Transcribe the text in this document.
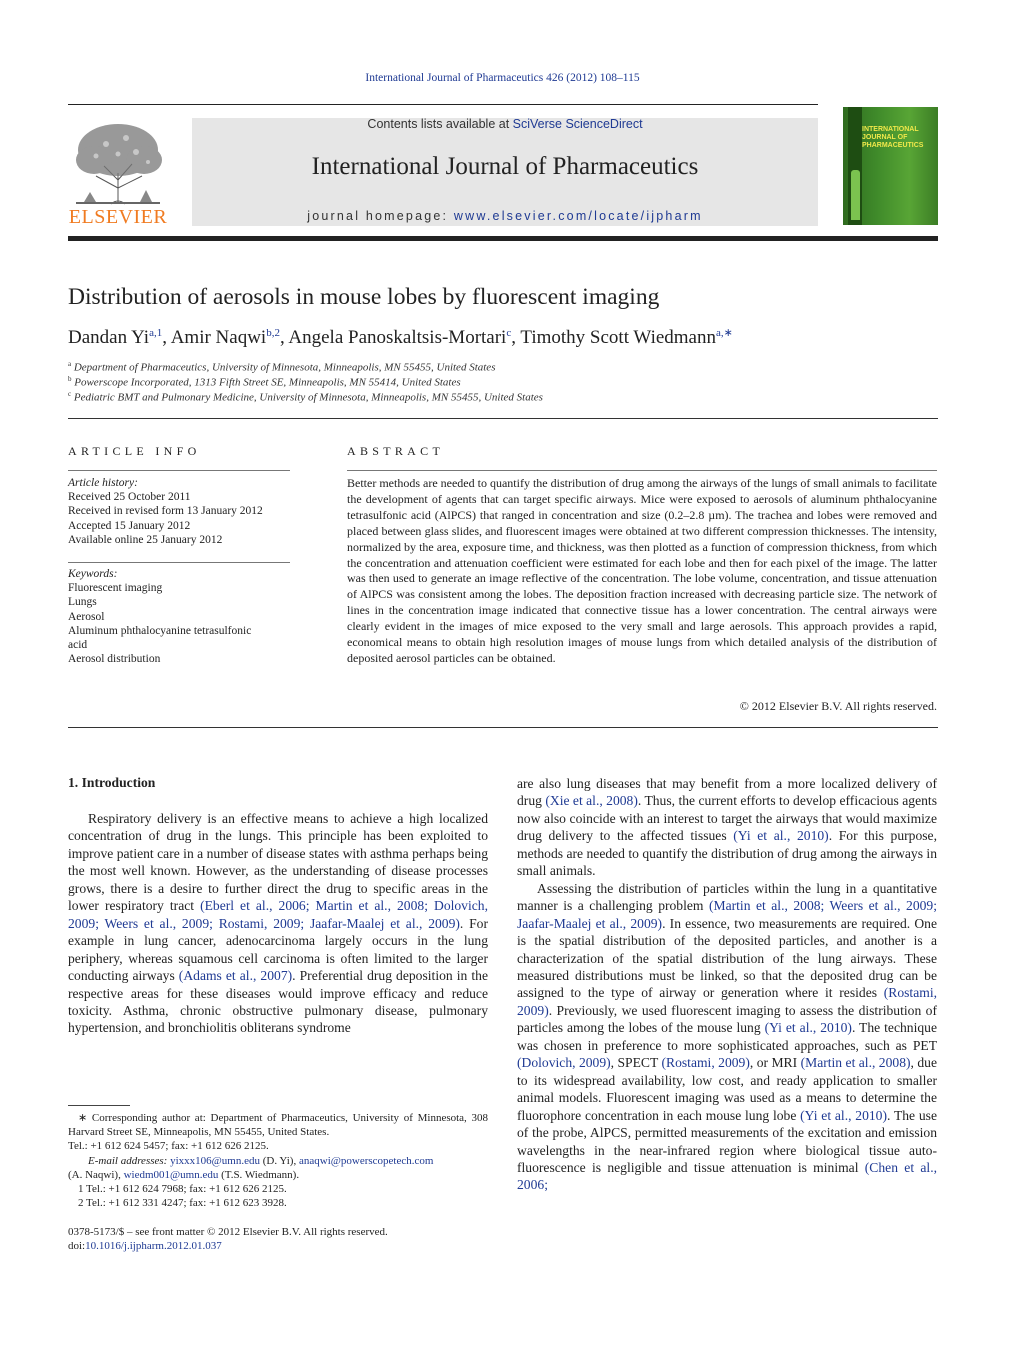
International Journal of Pharmaceutics 426 (2012) 108–115
ELSEVIER
Contents lists available at SciVerse ScienceDirect
International Journal of Pharmaceutics
journal homepage: www.elsevier.com/locate/ijpharm
INTERNATIONAL JOURNAL OF PHARMACEUTICS
Distribution of aerosols in mouse lobes by fluorescent imaging
Dandan Yi$^{a,1}$, Amir Naqwi$^{b,2}$, Angela Panoskaltsis-Mortari$^c$, Timothy Scott Wiedmann$^{a,∗}$
$^a$ Department of Pharmaceutics, University of Minnesota, Minneapolis, MN 55455, United States
$^b$ Powerscope Incorporated, 1313 Fifth Street SE, Minneapolis, MN 55414, United States
$^c$ Pediatric BMT and Pulmonary Medicine, University of Minnesota, Minneapolis, MN 55455, United States
ARTICLE INFO
Article history:
Received 25 October 2011
Received in revised form 13 January 2012
Accepted 15 January 2012
Available online 25 January 2012
Keywords:
Fluorescent imaging
Lungs
Aerosol
Aluminum phthalocyanine tetrasulfonic
acid
Aerosol distribution
ABSTRACT
Better methods are needed to quantify the distribution of drug among the airways of the lungs of small animals to facilitate the development of agents that can target specific airways. Mice were exposed to aerosols of aluminum phthalocyanine tetrasulfonic acid (AlPCS) that ranged in concentration and size (0.2–2.8 µm). The trachea and lobes were removed and placed between glass slides, and fluorescent images were obtained at two different compression thicknesses. The intensity, normalized by the area, exposure time, and thickness, was then plotted as a function of compression thickness, from which the concentration and attenuation coefficient were estimated for each lobe and then for each pixel of the image. The latter was then used to generate an image reflective of the concentration. The lobe volume, concentration, and tissue attenuation of AlPCS was consistent among the lobes. The deposition fraction increased with decreasing particle size. The network of lines in the concentration image indicated that connective tissue has a lower concentration. The central airways were clearly evident in the images of mice exposed to the very small and large aerosols. This approach provides a rapid, economical means to obtain high resolution images of mouse lungs from which detailed analysis of the distribution of deposited aerosol particles can be obtained.
© 2012 Elsevier B.V. All rights reserved.
1. Introduction

Respiratory delivery is an effective means to achieve a high localized concentration of drug in the lungs. This principle has been exploited to improve patient care in a number of disease states with asthma perhaps being the most well known. However, as the understanding of disease processes grows, there is a desire to further direct the drug to specific areas in the lower respiratory tract (Eberl et al., 2006; Martin et al., 2008; Dolovich, 2009; Weers et al., 2009; Rostami, 2009; Jaafar-Maalej et al., 2009). For example in lung cancer, adenocarcinoma largely occurs in the lung periphery, whereas squamous cell carcinoma is often limited to the larger conducting airways (Adams et al., 2007). Preferential drug deposition in the respective areas for these diseases would improve efficacy and reduce toxicity. Asthma, chronic obstructive pulmonary disease, pulmonary hypertension, and bronchiolitis obliterans syndrome

are also lung diseases that may benefit from a more localized delivery of drug (Xie et al., 2008). Thus, the current efforts to develop efficacious agents now also coincide with an interest to target the airways that would maximize drug delivery to the affected tissues (Yi et al., 2010). For this purpose, methods are needed to quantify the distribution of drug among the airways in small animals.

Assessing the distribution of particles within the lung in a quantitative manner is a challenging problem (Martin et al., 2008; Weers et al., 2009; Jaafar-Maalej et al., 2009). In essence, two measurements are required. One is the spatial distribution of the deposited particles, and another is a characterization of the spatial distribution of the lung airways. These measured distributions must be linked, so that the deposited drug can be assigned to the type of airway or generation where it resides (Rostami, 2009). Previously, we used fluorescent imaging to assess the distribution of particles among the lobes of the mouse lung (Yi et al., 2010). The technique was chosen in preference to more sophisticated approaches, such as PET (Dolovich, 2009), SPECT (Rostami, 2009), or MRI (Martin et al., 2008), due to its widespread availability, low cost, and ready application to smaller animal models. Fluorescent imaging was used as a means to determine the fluorophore concentration in each mouse lung lobe (Yi et al., 2010). The use of the probe, AlPCS, permitted measurements of the excitation and emission wavelengths in the near-infrared region where biological tissue auto-fluorescence is negligible and tissue attenuation is minimal (Chen et al., 2006;

∗ Corresponding author at: Department of Pharmaceutics, University of Minnesota, 308 Harvard Street SE, Minneapolis, MN 55455, United States.
Tel.: +1 612 624 5457; fax: +1 612 626 2125.
E-mail addresses: yixxx106@umn.edu (D. Yi), anaqwi@powerscopetech.com
(A. Naqwi), wiedm001@umn.edu (T.S. Wiedmann).
1 Tel.: +1 612 624 7968; fax: +1 612 626 2125.
2 Tel.: +1 612 331 4247; fax: +1 612 623 3928.
0378-5173/$ – see front matter © 2012 Elsevier B.V. All rights reserved.
doi:10.1016/j.ijpharm.2012.01.037
